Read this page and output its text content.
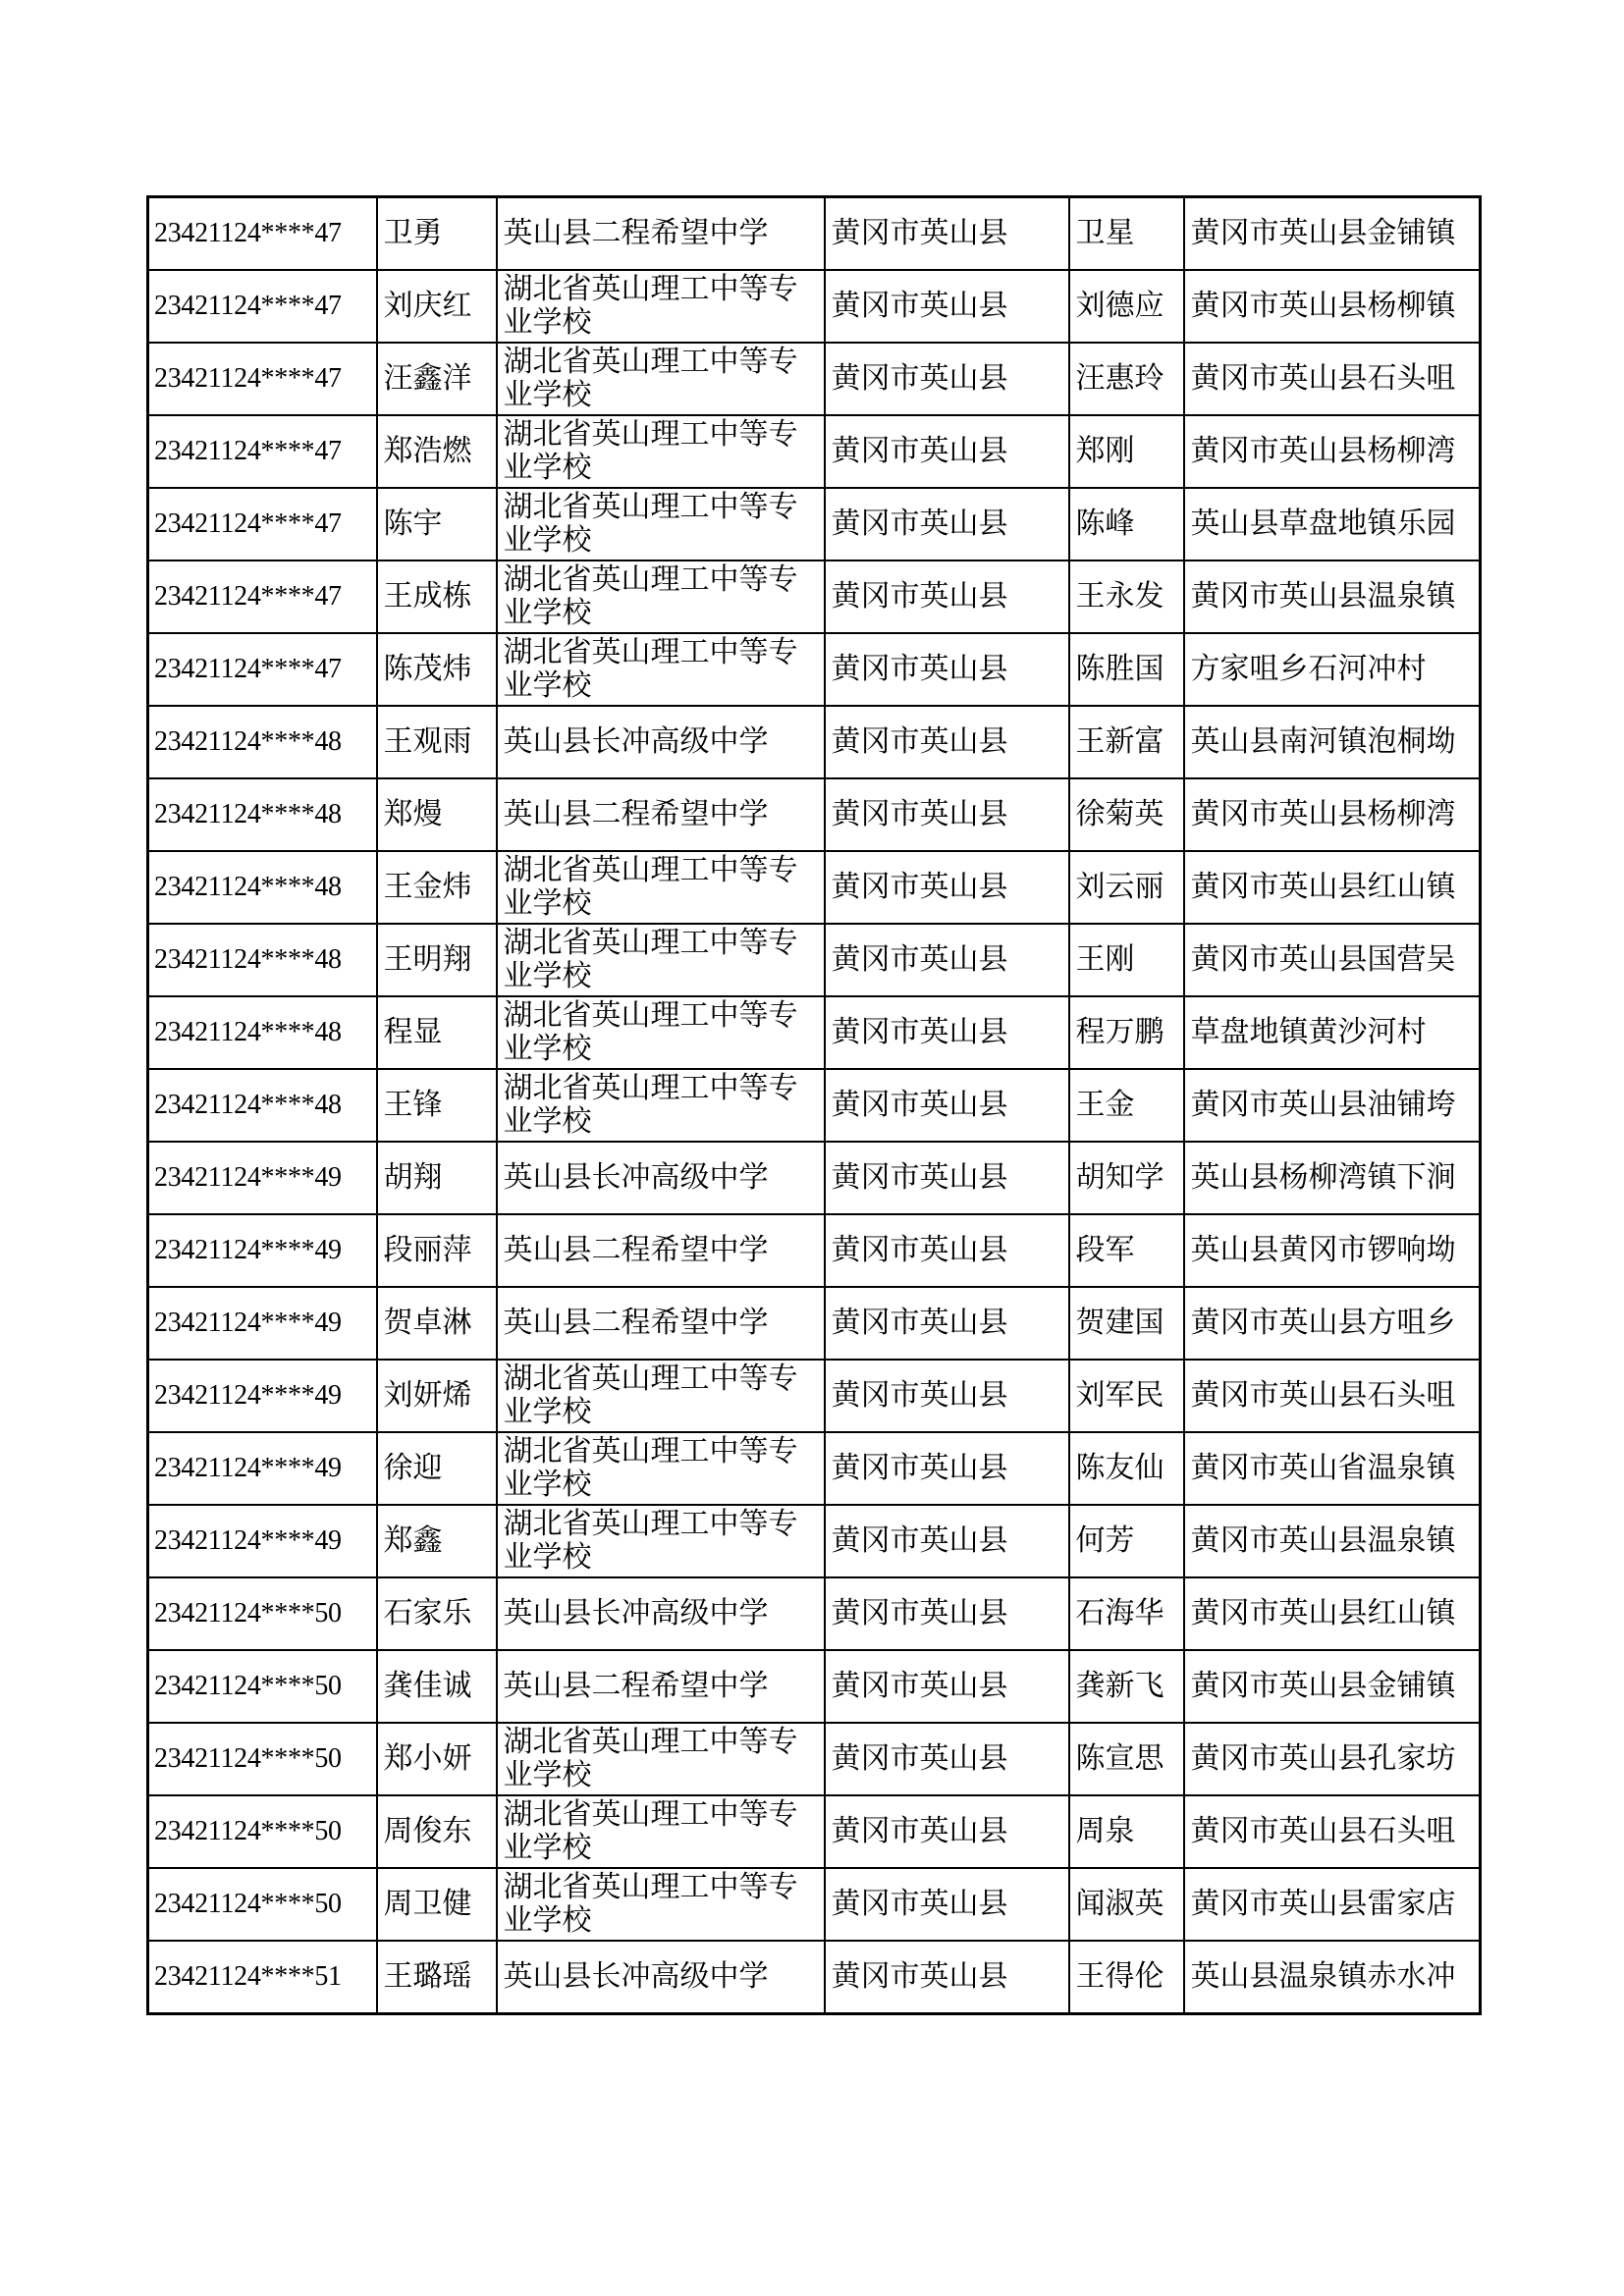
23421124****47	卫勇	英山县二程希望中学	黄冈市英山县	卫星	黄冈市英山县金铺镇
23421124****47	刘庆红	湖北省英山理工中等专业学校	黄冈市英山县	刘德应	黄冈市英山县杨柳镇
23421124****47	汪鑫洋	湖北省英山理工中等专业学校	黄冈市英山县	汪惠玲	黄冈市英山县石头咀
23421124****47	郑浩燃	湖北省英山理工中等专业学校	黄冈市英山县	郑刚	黄冈市英山县杨柳湾
23421124****47	陈宇	湖北省英山理工中等专业学校	黄冈市英山县	陈峰	英山县草盘地镇乐园
23421124****47	王成栋	湖北省英山理工中等专业学校	黄冈市英山县	王永发	黄冈市英山县温泉镇
23421124****47	陈茂炜	湖北省英山理工中等专业学校	黄冈市英山县	陈胜国	方家咀乡石河冲村
23421124****48	王观雨	英山县长冲高级中学	黄冈市英山县	王新富	英山县南河镇泡桐坳
23421124****48	郑熳	英山县二程希望中学	黄冈市英山县	徐菊英	黄冈市英山县杨柳湾
23421124****48	王金炜	湖北省英山理工中等专业学校	黄冈市英山县	刘云丽	黄冈市英山县红山镇
23421124****48	王明翔	湖北省英山理工中等专业学校	黄冈市英山县	王刚	黄冈市英山县国营吴
23421124****48	程显	湖北省英山理工中等专业学校	黄冈市英山县	程万鹏	草盘地镇黄沙河村
23421124****48	王锋	湖北省英山理工中等专业学校	黄冈市英山县	王金	黄冈市英山县油铺垮
23421124****49	胡翔	英山县长冲高级中学	黄冈市英山县	胡知学	英山县杨柳湾镇下涧
23421124****49	段丽萍	英山县二程希望中学	黄冈市英山县	段军	英山县黄冈市锣响坳
23421124****49	贺卓淋	英山县二程希望中学	黄冈市英山县	贺建国	黄冈市英山县方咀乡
23421124****49	刘妍烯	湖北省英山理工中等专业学校	黄冈市英山县	刘军民	黄冈市英山县石头咀
23421124****49	徐迎	湖北省英山理工中等专业学校	黄冈市英山县	陈友仙	黄冈市英山省温泉镇
23421124****49	郑鑫	湖北省英山理工中等专业学校	黄冈市英山县	何芳	黄冈市英山县温泉镇
23421124****50	石家乐	英山县长冲高级中学	黄冈市英山县	石海华	黄冈市英山县红山镇
23421124****50	龚佳诚	英山县二程希望中学	黄冈市英山县	龚新飞	黄冈市英山县金铺镇
23421124****50	郑小妍	湖北省英山理工中等专业学校	黄冈市英山县	陈宣思	黄冈市英山县孔家坊
23421124****50	周俊东	湖北省英山理工中等专业学校	黄冈市英山县	周泉	黄冈市英山县石头咀
23421124****50	周卫健	湖北省英山理工中等专业学校	黄冈市英山县	闻淑英	黄冈市英山县雷家店
23421124****51	王璐瑶	英山县长冲高级中学	黄冈市英山县	王得伦	英山县温泉镇赤水冲
